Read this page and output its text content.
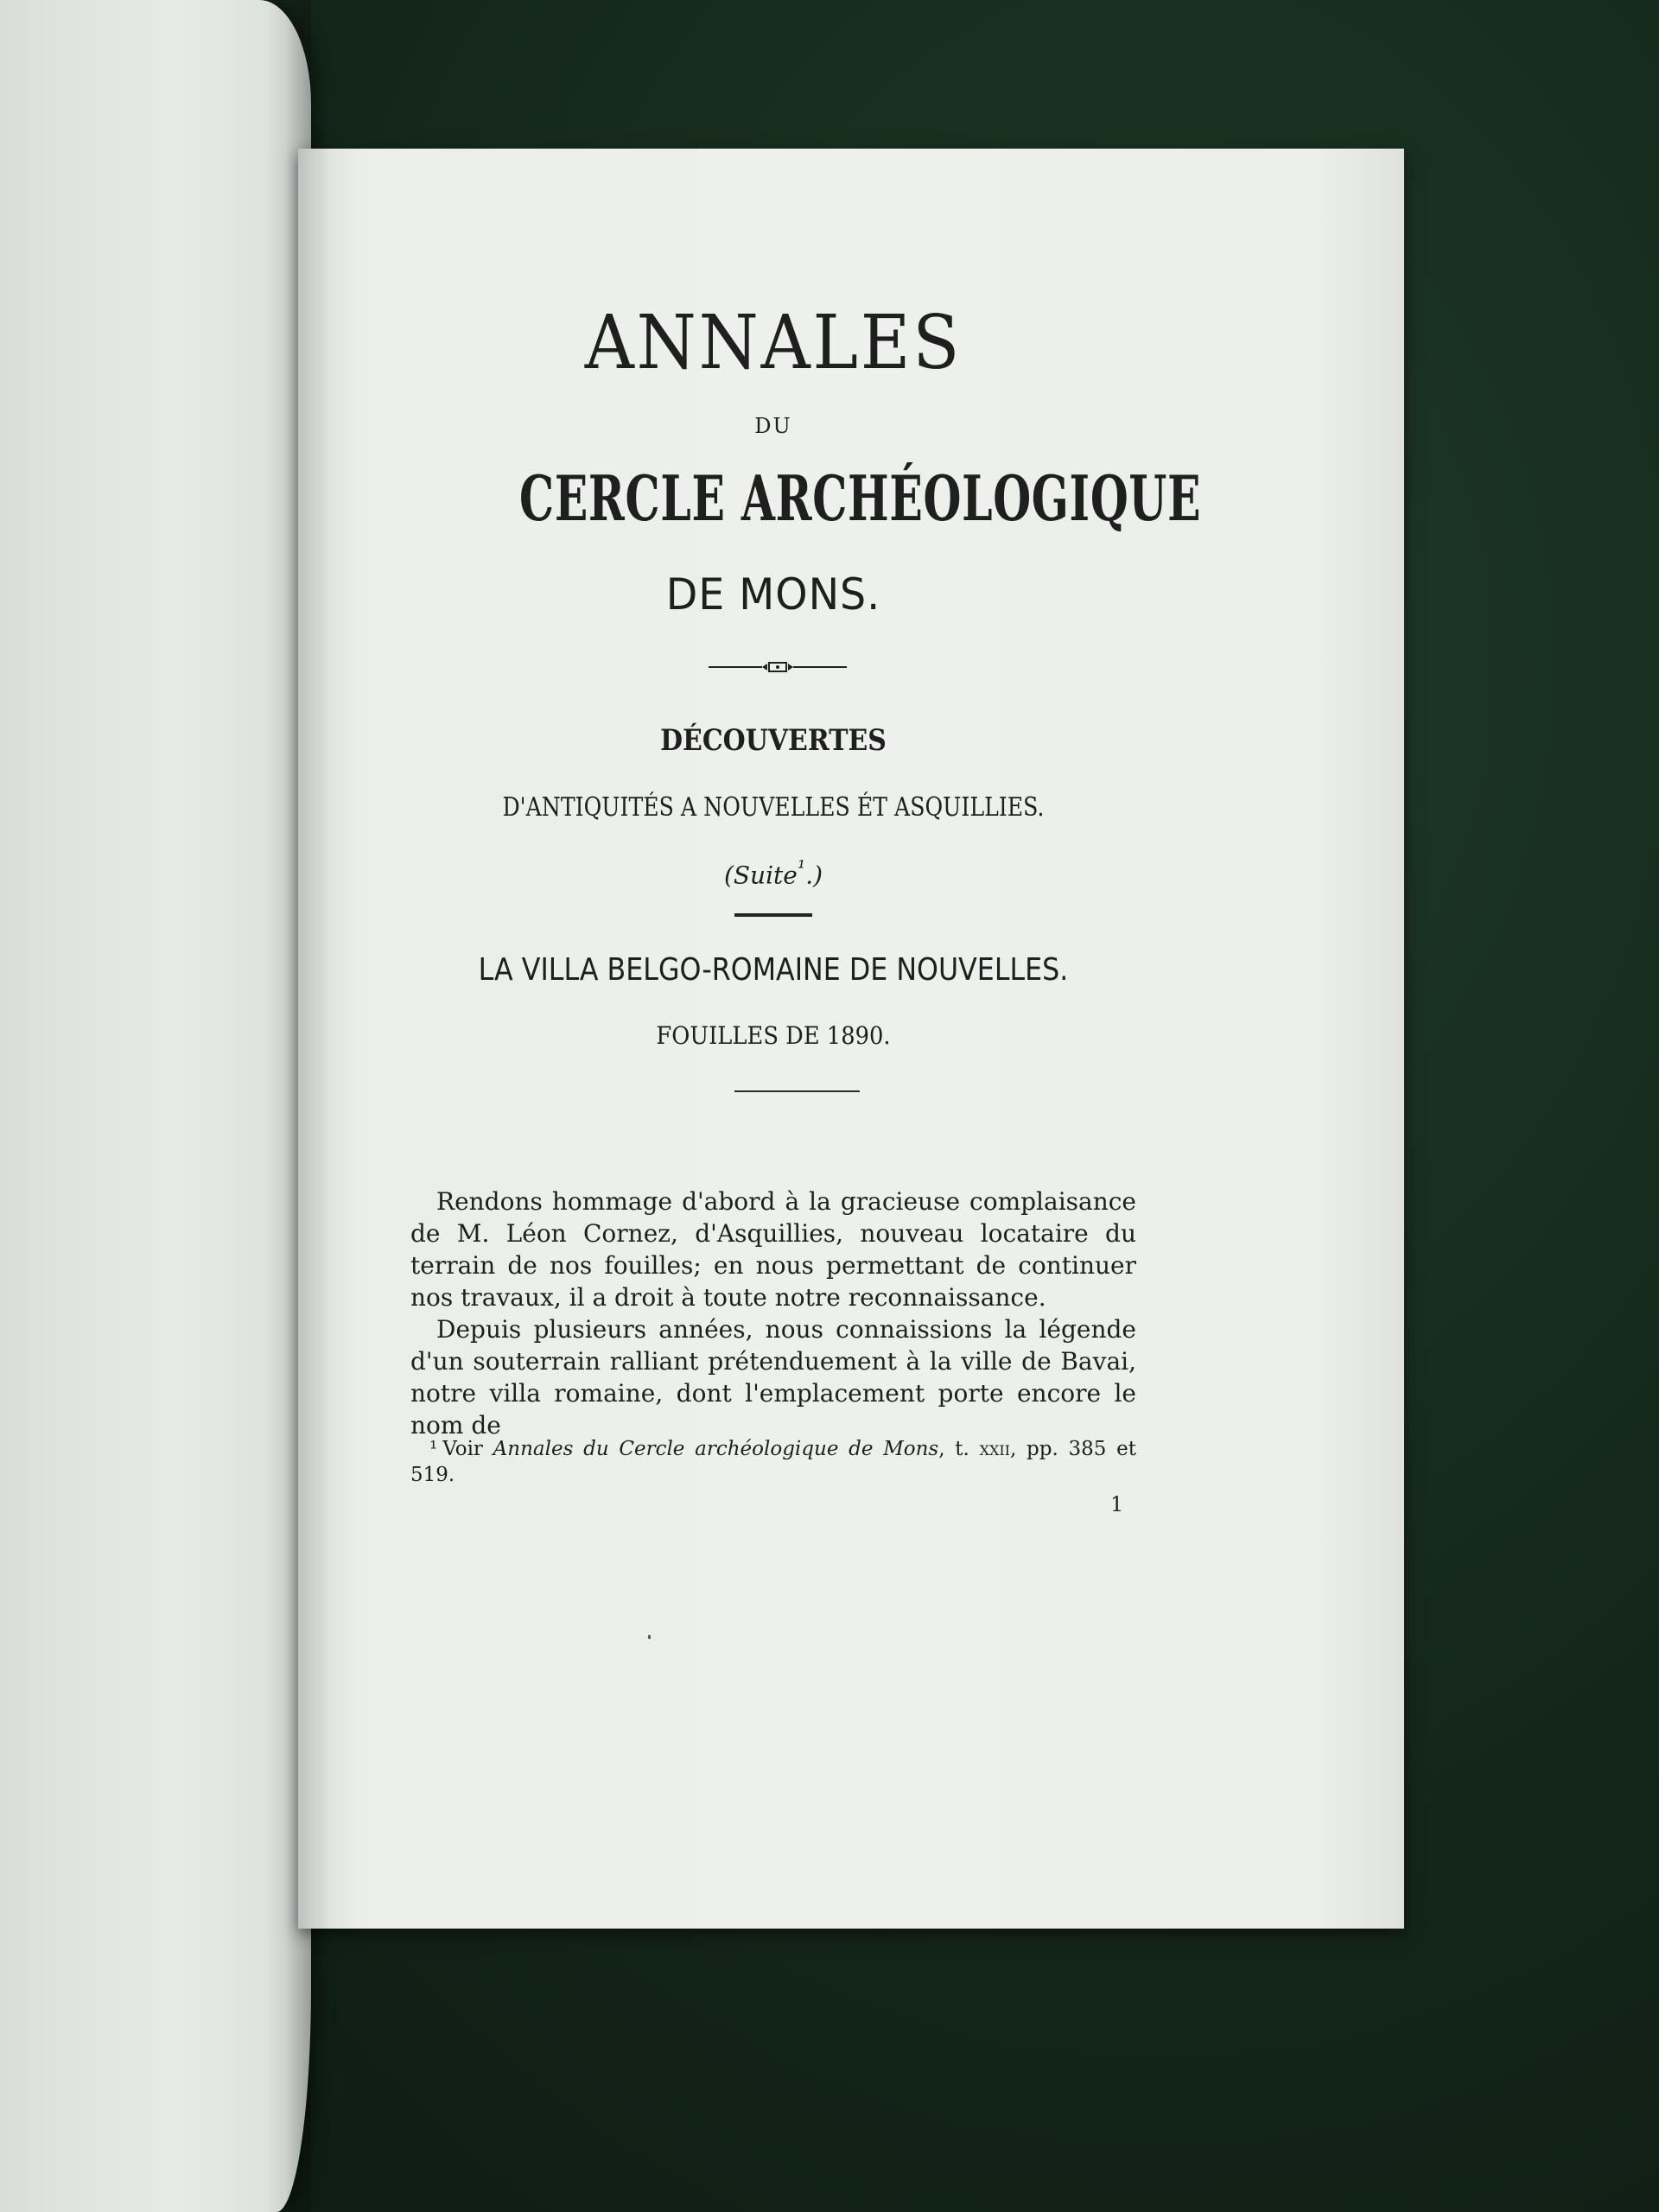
ANNALES
DU
CERCLE ARCHÉOLOGIQUE
DE MONS.
DÉCOUVERTES
D'ANTIQUITÉS A NOUVELLES ÉT ASQUILLIES.
(Suite$^{^1}$.)
LA VILLA BELGO-ROMAINE DE NOUVELLES.
FOUILLES DE 1890.

Rendons hommage d'abord à la gracieuse complaisance de M. Léon Cornez, d'Asquillies, nouveau locataire du terrain de nos fouilles; en nous permettant de continuer nos travaux, il a droit à toute notre reconnaissance.

Depuis plusieurs années, nous connaissions la légende d'un souterrain ralliant prétenduement à la ville de Bavai, notre villa romaine, dont l'emplacement porte encore le nom de

¹ Voir Annales du Cercle archéologique de Mons, t. xxii, pp. 385 et 519.
1
